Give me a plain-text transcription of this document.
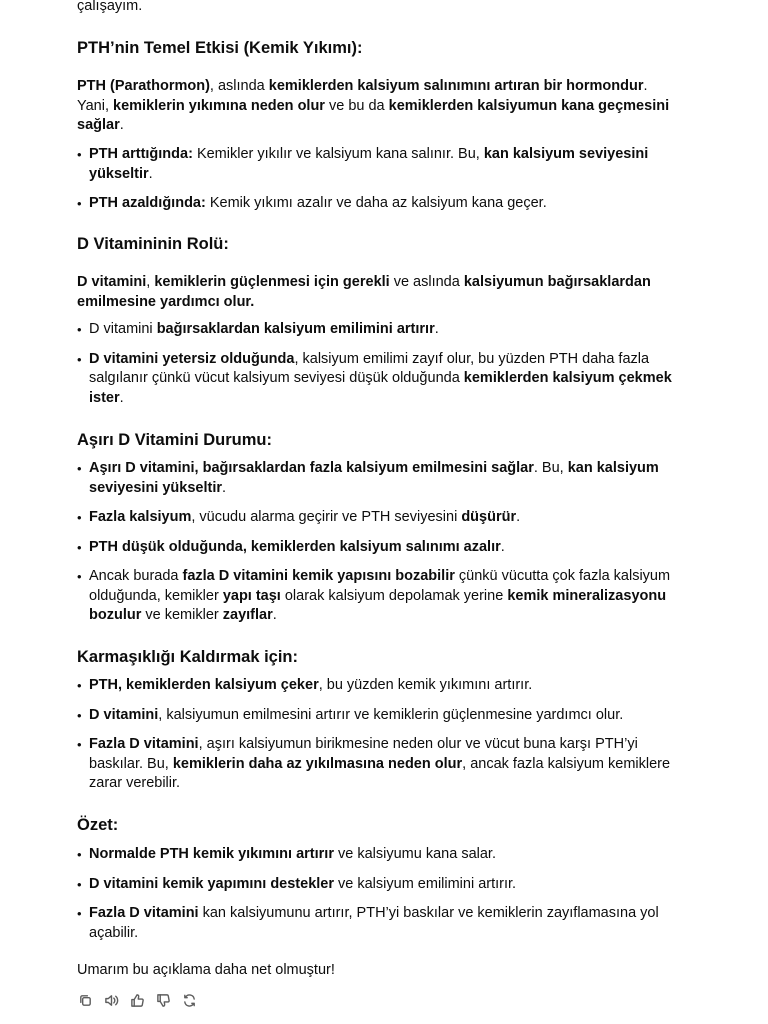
çalışayım.
PTH’nin Temel Etkisi (Kemik Yıkımı):

PTH (Parathormon), aslında kemiklerden kalsiyum salınımını artıran bir hormondur. Yani, kemiklerin yıkımına neden olur ve bu da kemiklerden kalsiyumun kana geçmesini sağlar.

• PTH arttığında: Kemikler yıkılır ve kalsiyum kana salınır. Bu, kan kalsiyum seviyesini yükseltir.
• PTH azaldığında: Kemik yıkımı azalır ve daha az kalsiyum kana geçer.
D Vitamininin Rolü:

D vitamini, kemiklerin güçlenmesi için gerekli ve aslında kalsiyumun bağırsaklardan emilmesine yardımcı olur.

• D vitamini bağırsaklardan kalsiyum emilimini artırır.
• D vitamini yetersiz olduğunda, kalsiyum emilimi zayıf olur, bu yüzden PTH daha fazla salgılanır çünkü vücut kalsiyum seviyesi düşük olduğunda kemiklerden kalsiyum çekmek ister.
Aşırı D Vitamini Durumu:
• Aşırı D vitamini, bağırsaklardan fazla kalsiyum emilmesini sağlar. Bu, kan kalsiyum seviyesini yükseltir.
• Fazla kalsiyum, vücudu alarma geçirir ve PTH seviyesini düşürür.
• PTH düşük olduğunda, kemiklerden kalsiyum salınımı azalır.
• Ancak burada fazla D vitamini kemik yapısını bozabilir çünkü vücutta çok fazla kalsiyum olduğunda, kemikler yapı taşı olarak kalsiyum depolamak yerine kemik mineralizasyonu bozulur ve kemikler zayıflar.
Karmaşıklığı Kaldırmak için:
• PTH, kemiklerden kalsiyum çeker, bu yüzden kemik yıkımını artırır.
• D vitamini, kalsiyumun emilmesini artırır ve kemiklerin güçlenmesine yardımcı olur.
• Fazla D vitamini, aşırı kalsiyumun birikmesine neden olur ve vücut buna karşı PTH’yi baskılar. Bu, kemiklerin daha az yıkılmasına neden olur, ancak fazla kalsiyum kemiklere zarar verebilir.
Özet:
• Normalde PTH kemik yıkımını artırır ve kalsiyumu kana salar.
• D vitamini kemik yapımını destekler ve kalsiyum emilimini artırır.
• Fazla D vitamini kan kalsiyumunu artırır, PTH’yi baskılar ve kemiklerin zayıflamasına yol açabilir.

Umarım bu açıklama daha net olmuştur!
